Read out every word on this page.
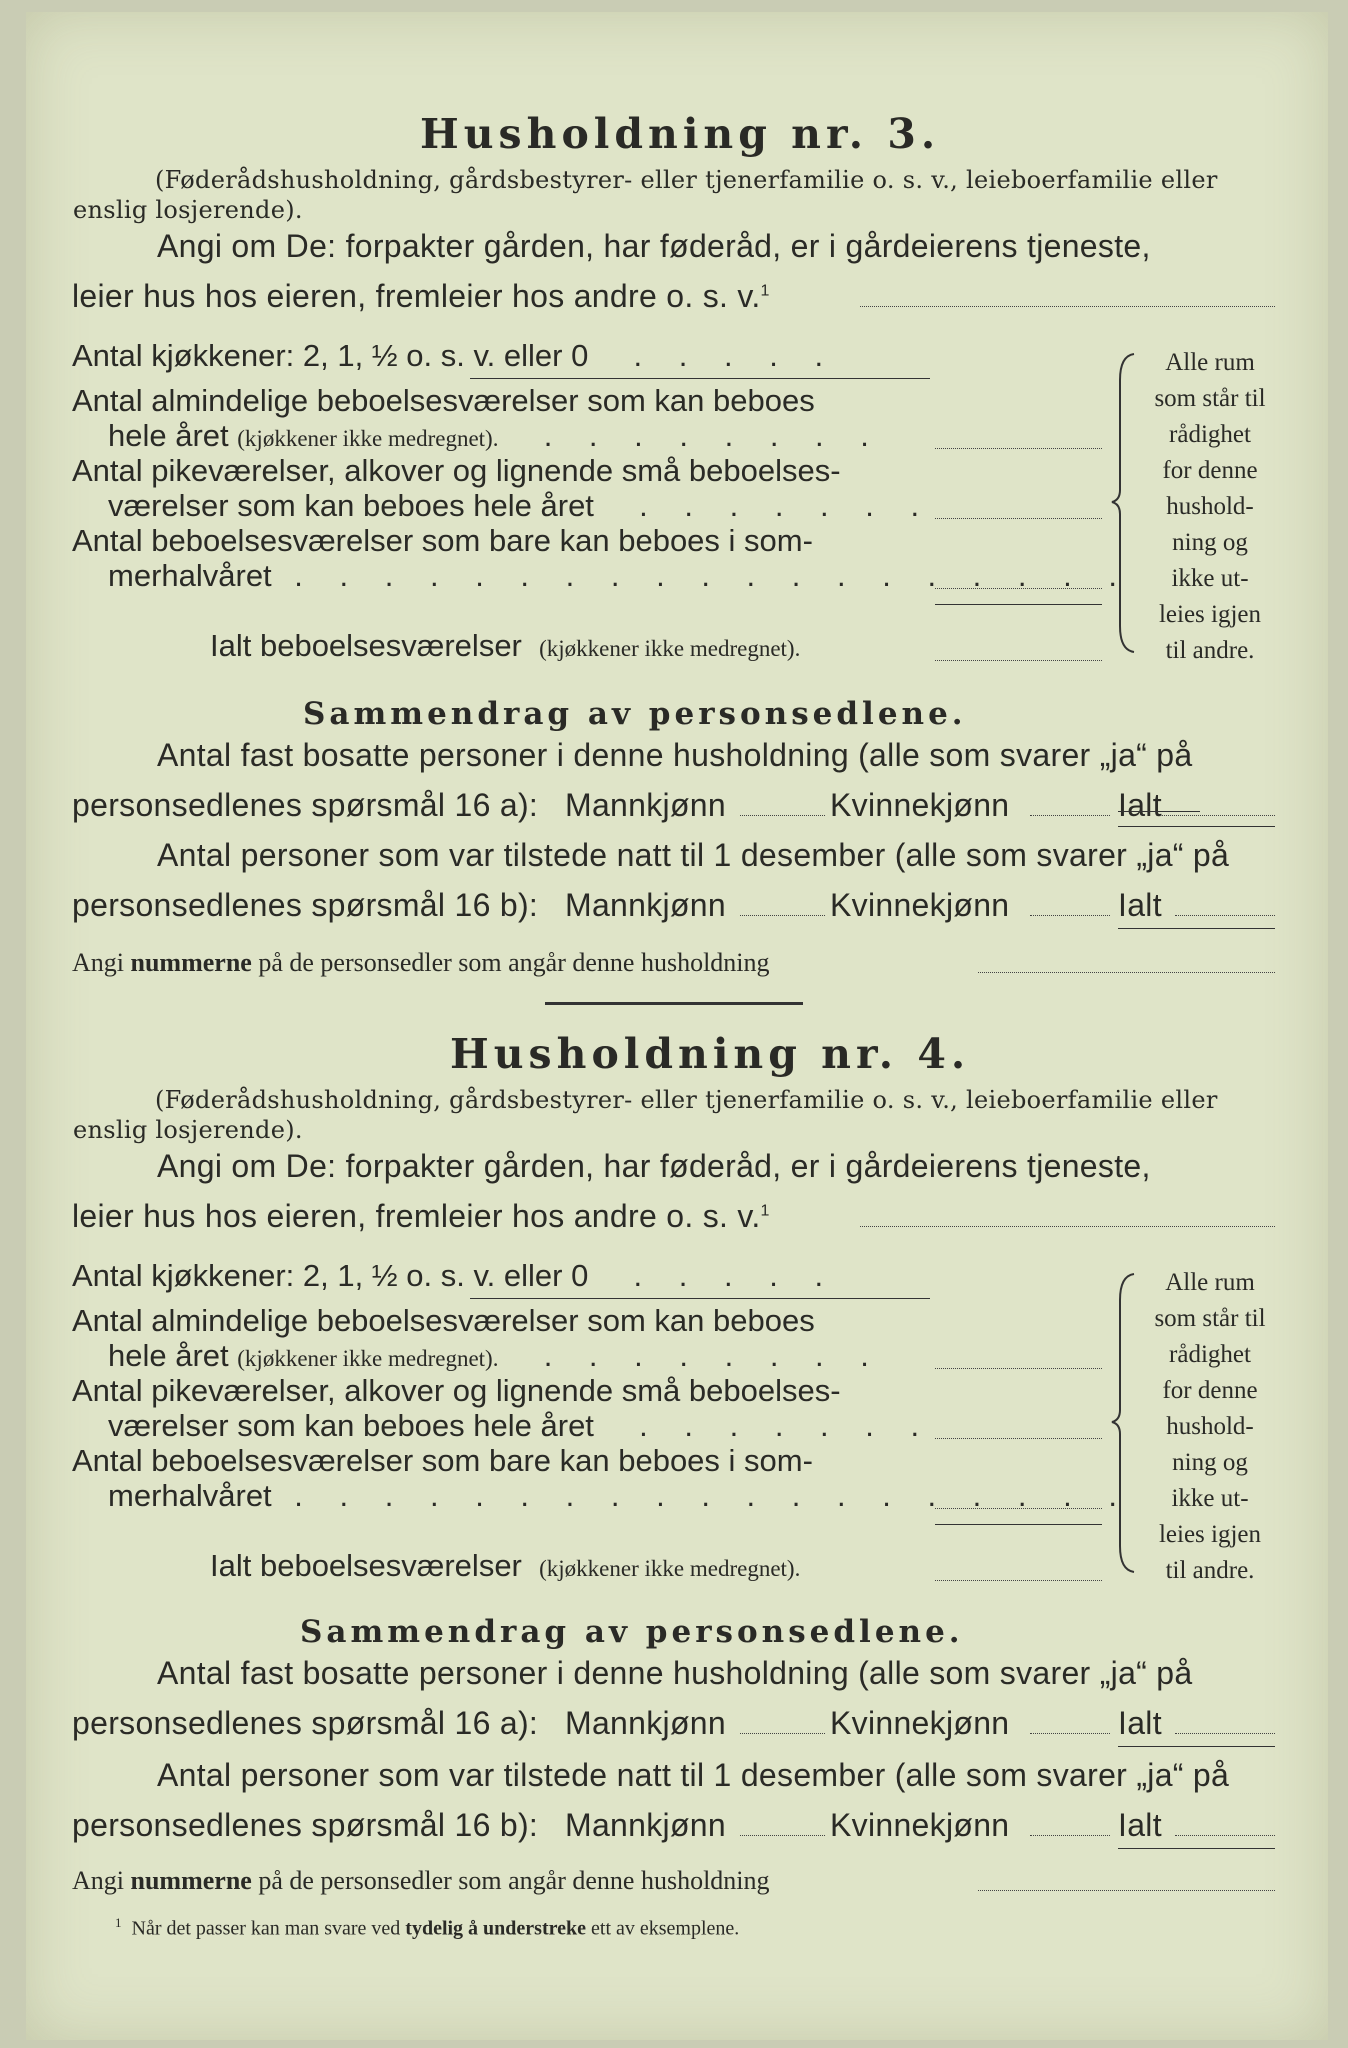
Husholdning nr. 3.
(Føderådshusholdning, gårdsbestyrer- eller tjenerfamilie o. s. v., leieboerfamilie eller
enslig losjerende).
Angi om De: forpakter gården, har føderåd, er i gårdeierens tjeneste,
leier hus hos eieren, fremleier hos andre o. s. v.$^1$
Antal kjøkkener: 2, 1, ½ o. s. v. eller 0  . . . . .
Antal almindelige beboelsesværelser som kan beboes
hele året (kjøkkener ikke medregnet).  . . . . . . . .
Antal pikeværelser, alkover og lignende små beboelses-
værelser som kan beboes hele året  . . . . . . .
Antal beboelsesværelser som bare kan beboes i som-
merhalvåret . . . . . . . . . . . . . . . . . . .
Ialt beboelsesværelser (kjøkkener ikke medregnet).
Alle rum
som står til
rådighet
for denne
hushold-
ning og
ikke ut-
leies igjen
til andre.
Sammendrag av personsedlene.
Antal fast bosatte personer i denne husholdning (alle som svarer „ja“ på
personsedlenes spørsmål 16 a): Mannkjønn	Kvinnekjønn	Ialt
Antal personer som var tilstede natt til 1 desember (alle som svarer „ja“ på
personsedlenes spørsmål 16 b): Mannkjønn	Kvinnekjønn	Ialt
Angi nummerne på de personsedler som angår denne husholdning
Husholdning nr. 4.
(Føderådshusholdning, gårdsbestyrer- eller tjenerfamilie o. s. v., leieboerfamilie eller
enslig losjerende).
Angi om De: forpakter gården, har føderåd, er i gårdeierens tjeneste,
leier hus hos eieren, fremleier hos andre o. s. v.$^1$
Antal kjøkkener: 2, 1, ½ o. s. v. eller 0  . . . . .
Antal almindelige beboelsesværelser som kan beboes
hele året (kjøkkener ikke medregnet).  . . . . . . . .
Antal pikeværelser, alkover og lignende små beboelses-
værelser som kan beboes hele året  . . . . . . .
Antal beboelsesværelser som bare kan beboes i som-
merhalvåret . . . . . . . . . . . . . . . . . . .
Ialt beboelsesværelser (kjøkkener ikke medregnet).
Alle rum
som står til
rådighet
for denne
hushold-
ning og
ikke ut-
leies igjen
til andre.
Sammendrag av personsedlene.
Antal fast bosatte personer i denne husholdning (alle som svarer „ja“ på
personsedlenes spørsmål 16 a): Mannkjønn	Kvinnekjønn	Ialt
Antal personer som var tilstede natt til 1 desember (alle som svarer „ja“ på
personsedlenes spørsmål 16 b): Mannkjønn	Kvinnekjønn	Ialt
Angi nummerne på de personsedler som angår denne husholdning
$^1$ Når det passer kan man svare ved tydelig å understreke ett av eksemplene.
